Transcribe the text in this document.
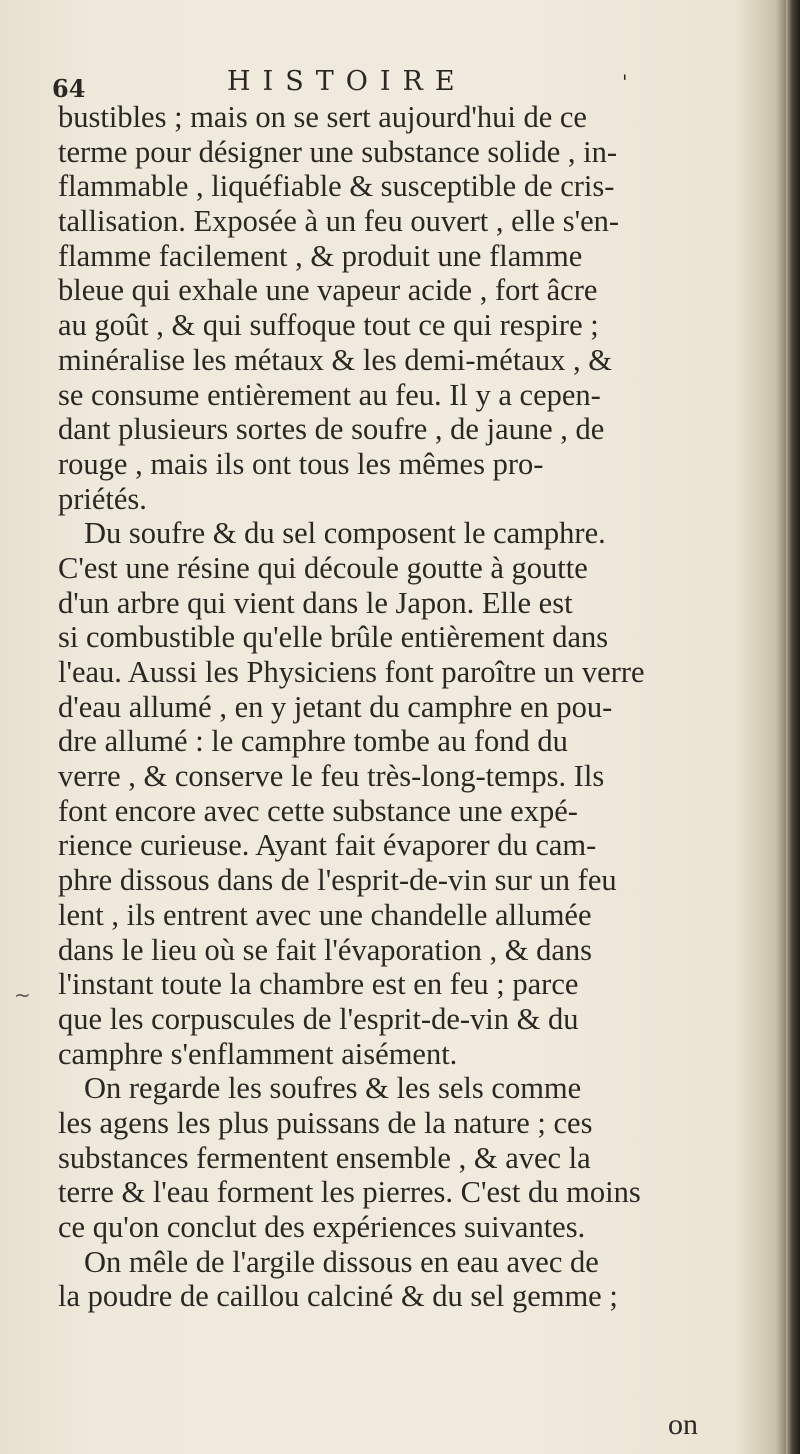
64	HISTOIRE	'
~
bustibles ; mais on se sert aujourd'hui de ce
terme pour désigner une substance solide , in-
flammable , liquéfiable & susceptible de cris-
tallisation. Exposée à un feu ouvert , elle s'en-
flamme facilement , & produit une flamme
bleue qui exhale une vapeur acide , fort âcre
au goût , & qui suffoque tout ce qui respire ;
minéralise les métaux & les demi-métaux , &
se consume entièrement au feu. Il y a cepen-
dant plusieurs sortes de soufre , de jaune , de
rouge , mais ils ont tous les mêmes pro-
priétés.
Du soufre & du sel composent le camphre.
C'est une résine qui découle goutte à goutte
d'un arbre qui vient dans le Japon. Elle est
si combustible qu'elle brûle entièrement dans
l'eau. Aussi les Physiciens font paroître un verre
d'eau allumé , en y jetant du camphre en pou-
dre allumé : le camphre tombe au fond du
verre , & conserve le feu très-long-temps. Ils
font encore avec cette substance une expé-
rience curieuse. Ayant fait évaporer du cam-
phre dissous dans de l'esprit-de-vin sur un feu
lent , ils entrent avec une chandelle allumée
dans le lieu où se fait l'évaporation , & dans
l'instant toute la chambre est en feu ; parce
que les corpuscules de l'esprit-de-vin & du
camphre s'enflamment aisément.
On regarde les soufres & les sels comme
les agens les plus puissans de la nature ; ces
substances fermentent ensemble , & avec la
terre & l'eau forment les pierres. C'est du moins
ce qu'on conclut des expériences suivantes.
On mêle de l'argile dissous en eau avec de
la poudre de caillou calciné & du sel gemme ;
on
